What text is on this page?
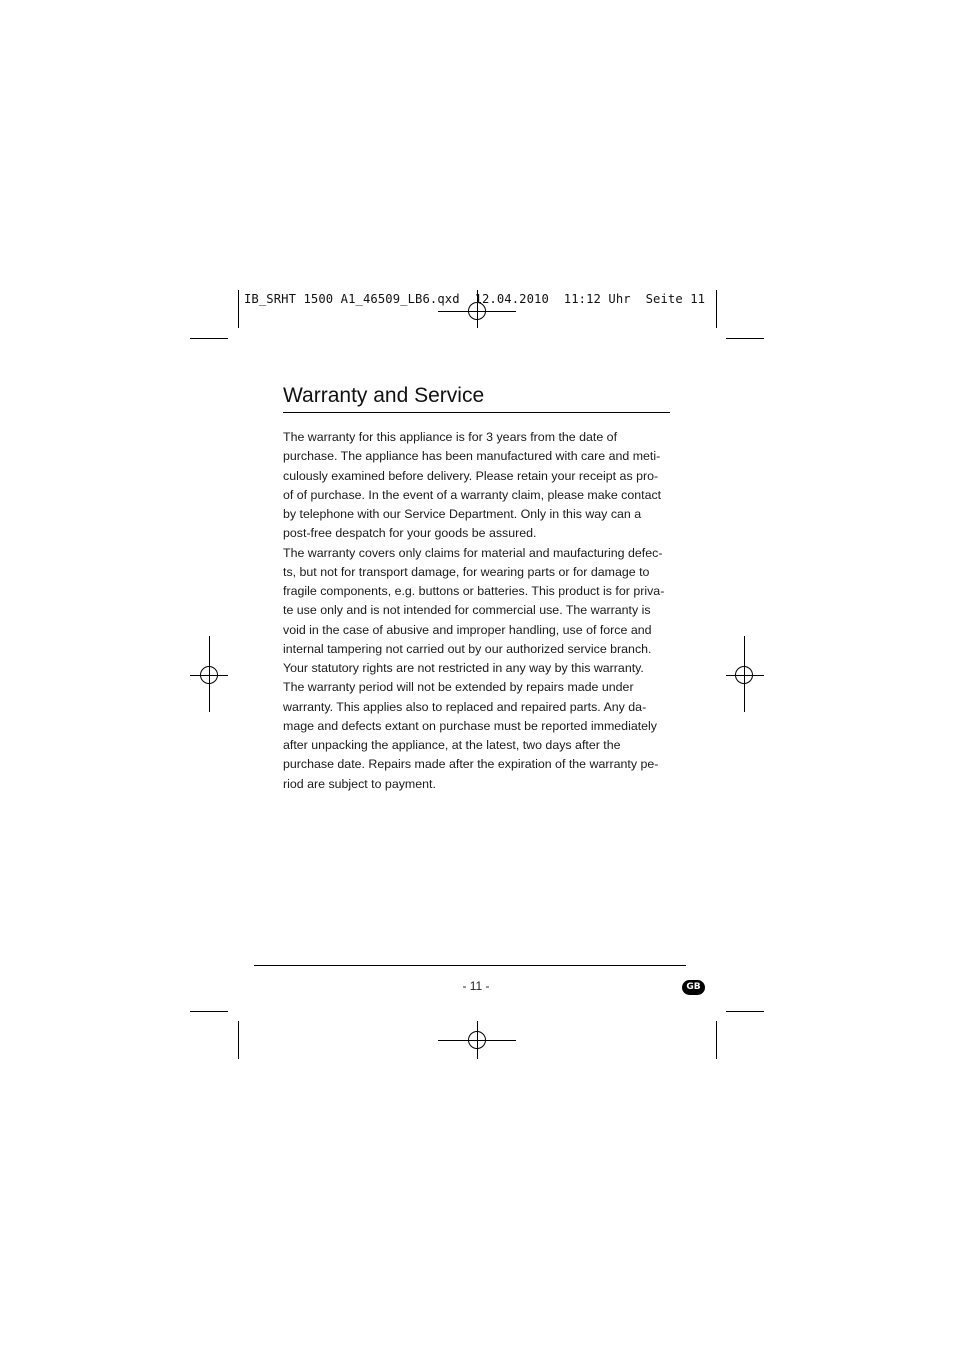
IB_SRHT 1500 A1_46509_LB6.qxd  12.04.2010  11:12 Uhr  Seite 11
Warranty and Service
The warranty for this appliance is for 3 years from the date of
purchase. The appliance has been manufactured with care and meti-
culously examined before delivery. Please retain your receipt as pro-
of of purchase. In the event of a warranty claim, please make contact
by telephone with our Service Department. Only in this way can a
post-free despatch for your goods be assured.
The warranty covers only claims for material and maufacturing defec-
ts, but not for transport damage, for wearing parts or for damage to
fragile components, e.g. buttons or batteries. This product is for priva-
te use only and is not intended for commercial use. The warranty is
void in the case of abusive and improper handling, use of force and
internal tampering not carried out by our authorized service branch.
Your statutory rights are not restricted in any way by this warranty.
The warranty period will not be extended by repairs made under
warranty. This applies also to replaced and repaired parts. Any da-
mage and defects extant on purchase must be reported immediately
after unpacking the appliance, at the latest, two days after the
purchase date. Repairs made after the expiration of the warranty pe-
riod are subject to payment.
- 11 -	GB
